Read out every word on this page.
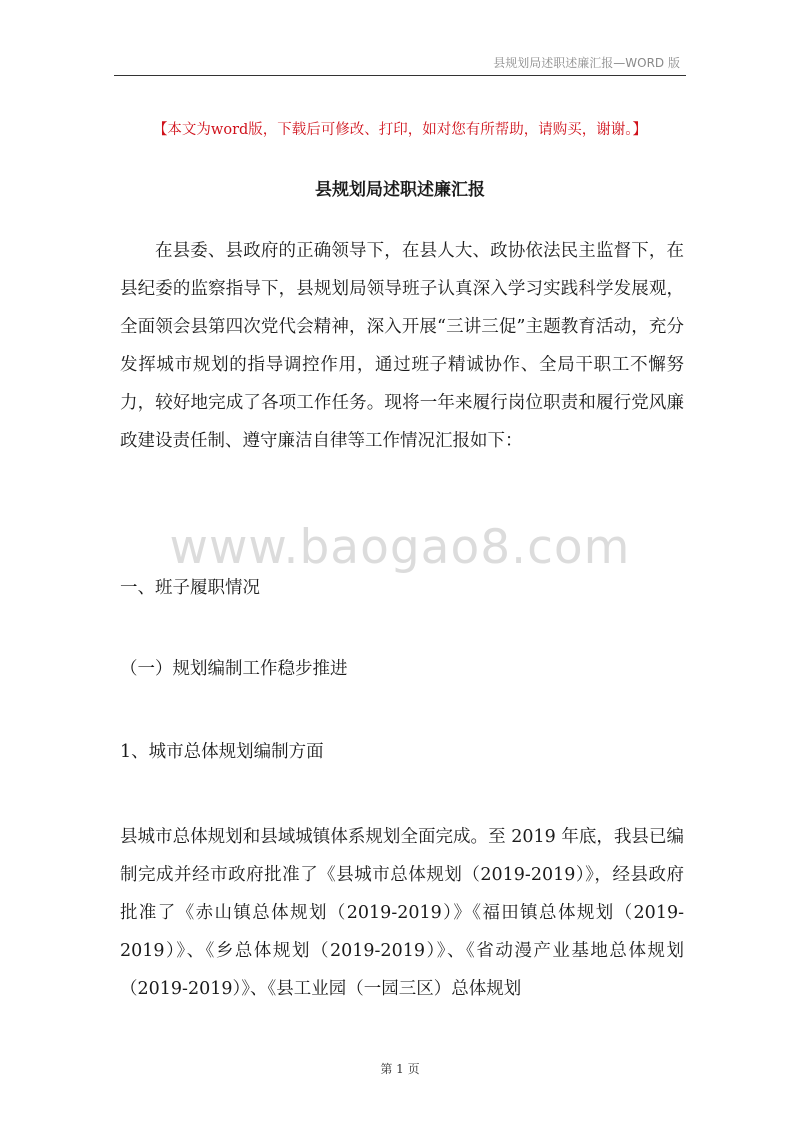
县规划局述职述廉汇报—WORD 版
【本文为word版，下载后可修改、打印，如对您有所帮助，请购买，谢谢。】
县规划局述职述廉汇报

在县委、县政府的正确领导下，在县人大、政协依法民主监督下，在县纪委的监察指导下，县规划局领导班子认真深入学习实践科学发展观，全面领会县第四次党代会精神，深入开展“三讲三促”主题教育活动，充分发挥城市规划的指导调控作用，通过班子精诚协作、全局干职工不懈努力，较好地完成了各项工作任务。现将一年来履行岗位职责和履行党风廉政建设责任制、遵守廉洁自律等工作情况汇报如下：

www.baogao8.com

一、班子履职情况

（一）规划编制工作稳步推进

1、城市总体规划编制方面

县城市总体规划和县域城镇体系规划全面完成。至 2019 年底，我县已编制完成并经市政府批准了《县城市总体规划（2019-2019）》，经县政府批准了《赤山镇总体规划（2019-2019）》《福田镇总体规划（2019-2019）》、《乡总体规划（2019-2019）》、《省动漫产业基地总体规划（2019-2019）》、《县工业园（一园三区）总体规划

第 1 页
